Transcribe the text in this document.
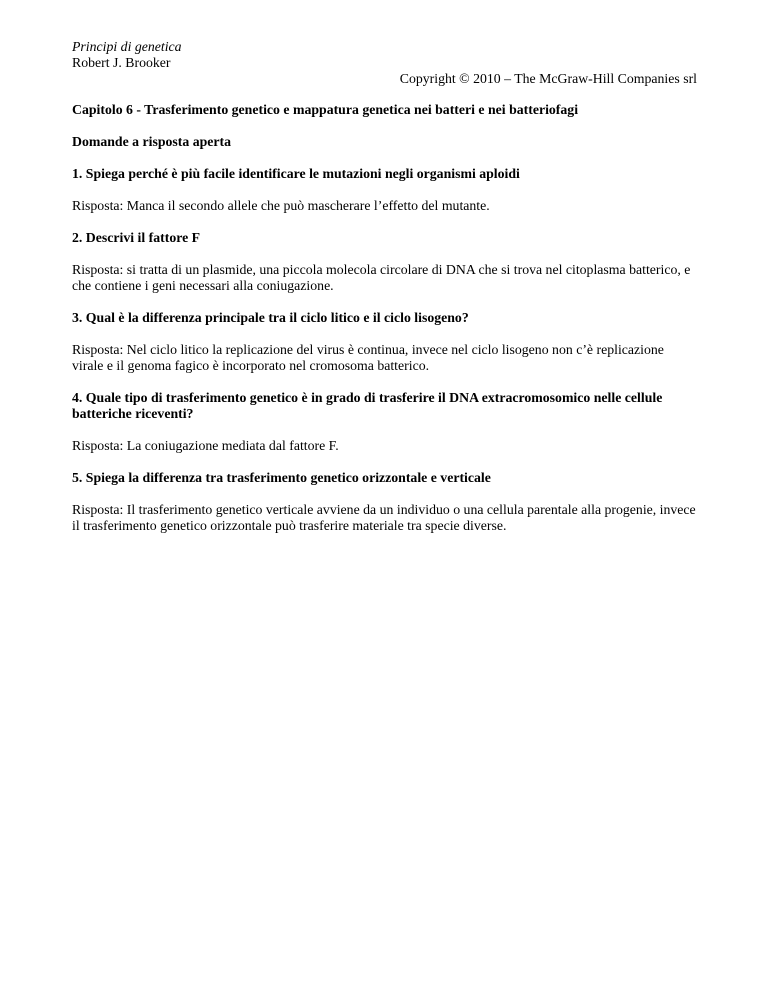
Principi di genetica

Robert J. Brooker

Copyright © 2010 – The McGraw-Hill Companies srl

Capitolo 6 - Trasferimento genetico e mappatura genetica nei batteri e nei batteriofagi

Domande a risposta aperta

1. Spiega perché è più facile identificare le mutazioni negli organismi aploidi

Risposta: Manca il secondo allele che può mascherare l’effetto del mutante.

2. Descrivi il fattore F

Risposta: si tratta di un plasmide, una piccola molecola circolare di DNA che si trova nel citoplasma batterico, e che contiene i geni necessari alla coniugazione.

3. Qual è la differenza principale tra il ciclo litico e il ciclo lisogeno?

Risposta: Nel ciclo litico la replicazione del virus è continua, invece nel ciclo lisogeno non c’è replicazione virale e il genoma fagico è incorporato nel cromosoma batterico.

4. Quale tipo di trasferimento genetico è in grado di trasferire il DNA extracromosomico nelle cellule batteriche riceventi?

Risposta: La coniugazione mediata dal fattore F.

5. Spiega la differenza tra trasferimento genetico orizzontale e verticale

Risposta: Il trasferimento genetico verticale avviene da un individuo o una cellula parentale alla progenie, invece il trasferimento genetico orizzontale può trasferire materiale tra specie diverse.
